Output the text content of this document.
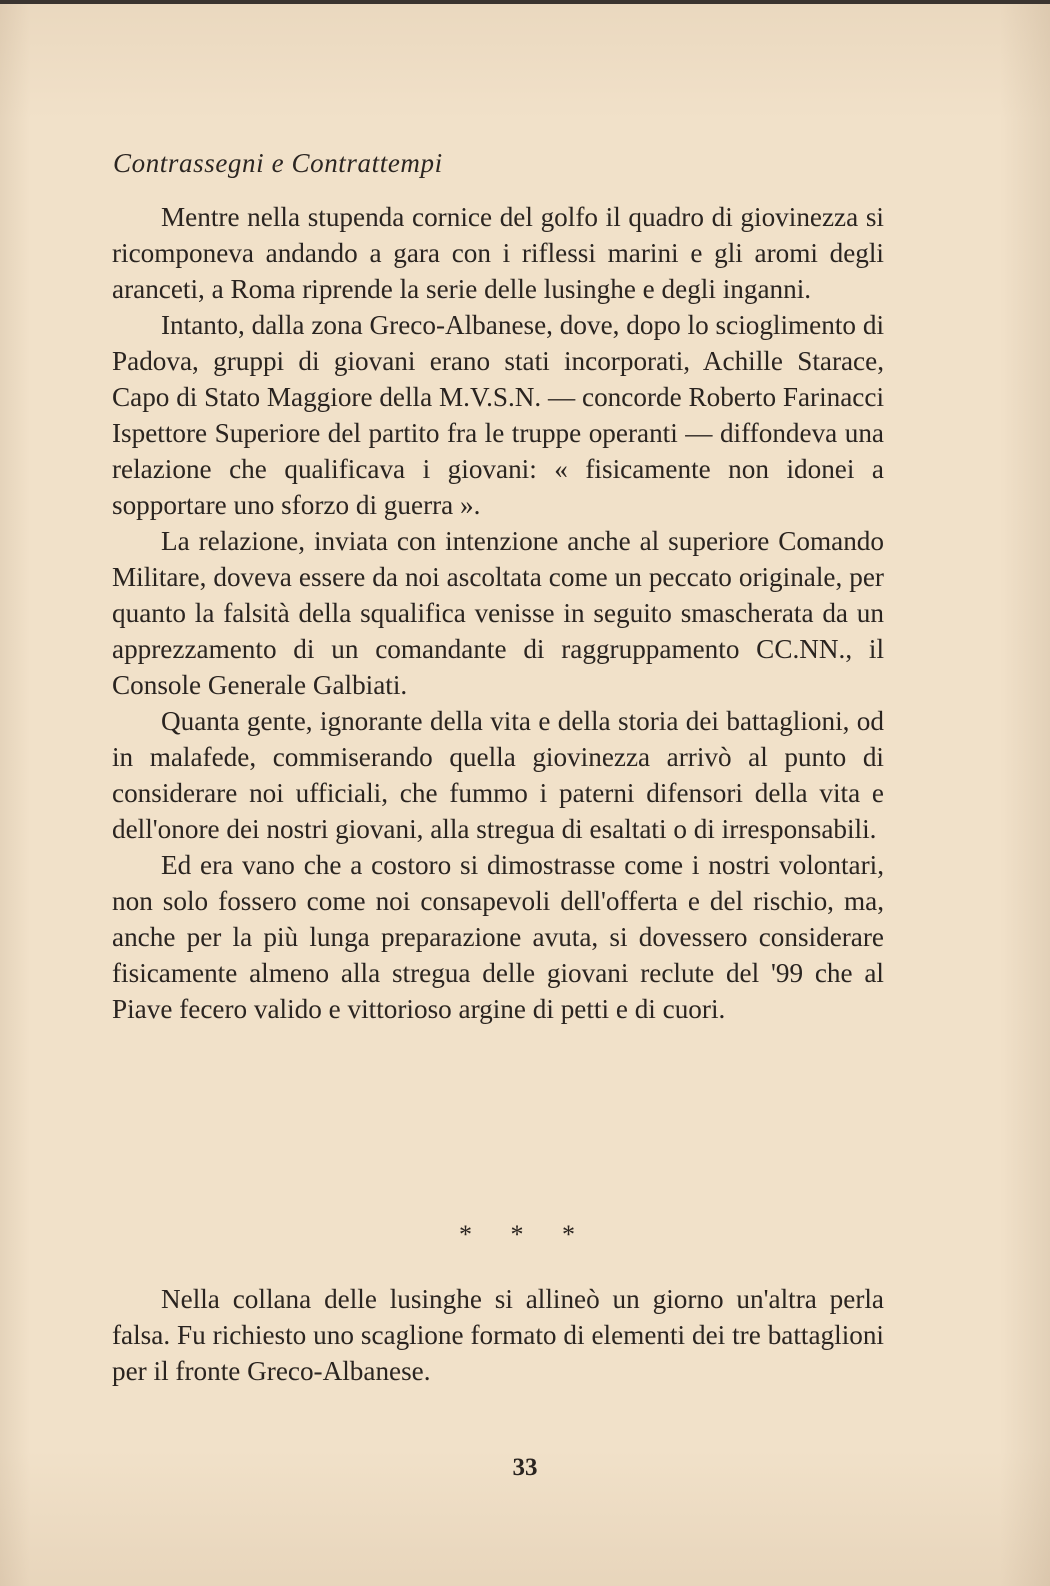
Contrassegni e Contrattempi

Mentre nella stupenda cornice del golfo il quadro di giovinezza si ricomponeva andando a gara con i riflessi marini e gli aromi degli aranceti, a Roma riprende la serie delle lusinghe e degli inganni.

Intanto, dalla zona Greco-Albanese, dove, dopo lo scioglimento di Padova, gruppi di giovani erano stati incorporati, Achille Starace, Capo di Stato Maggiore della M.V.S.N. — concorde Roberto Farinacci Ispettore Superiore del partito fra le truppe operanti — diffondeva una relazione che qualificava i giovani: « fisicamente non idonei a sopportare uno sforzo di guerra ».

La relazione, inviata con intenzione anche al superiore Comando Militare, doveva essere da noi ascoltata come un peccato originale, per quanto la falsità della squalifica venisse in seguito smascherata da un apprezzamento di un comandante di raggruppamento CC.NN., il Console Generale Galbiati.

Quanta gente, ignorante della vita e della storia dei battaglioni, od in malafede, commiserando quella giovinezza arrivò al punto di considerare noi ufficiali, che fummo i paterni difensori della vita e dell'onore dei nostri giovani, alla stregua di esaltati o di irresponsabili.

Ed era vano che a costoro si dimostrasse come i nostri volontari, non solo fossero come noi consapevoli dell'offerta e del rischio, ma, anche per la più lunga preparazione avuta, si dovessero considerare fisicamente almeno alla stregua delle giovani reclute del '99 che al Piave fecero valido e vittorioso argine di petti e di cuori.

* * *

Nella collana delle lusinghe si allineò un giorno un'altra perla falsa. Fu richiesto uno scaglione formato di elementi dei tre battaglioni per il fronte Greco-Albanese.

33
